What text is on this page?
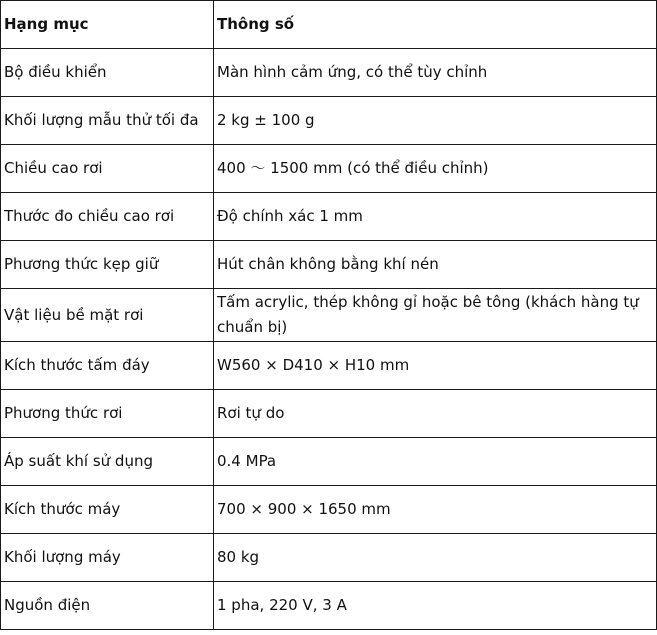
Hạng mục	Thông số
Bộ điều khiển	Màn hình cảm ứng, có thể tùy chỉnh
Khối lượng mẫu thử tối đa	2 kg ± 100 g
Chiều cao rơi	400 ～ 1500 mm (có thể điều chỉnh)
Thước đo chiều cao rơi	Độ chính xác 1 mm
Phương thức kẹp giữ	Hút chân không bằng khí nén
Vật liệu bề mặt rơi	Tấm acrylic, thép không gỉ hoặc bê tông (khách hàng tự chuẩn bị)
Kích thước tấm đáy	W560 × D410 × H10 mm
Phương thức rơi	Rơi tự do
Áp suất khí sử dụng	0.4 MPa
Kích thước máy	700 × 900 × 1650 mm
Khối lượng máy	80 kg
Nguồn điện	1 pha, 220 V, 3 A
